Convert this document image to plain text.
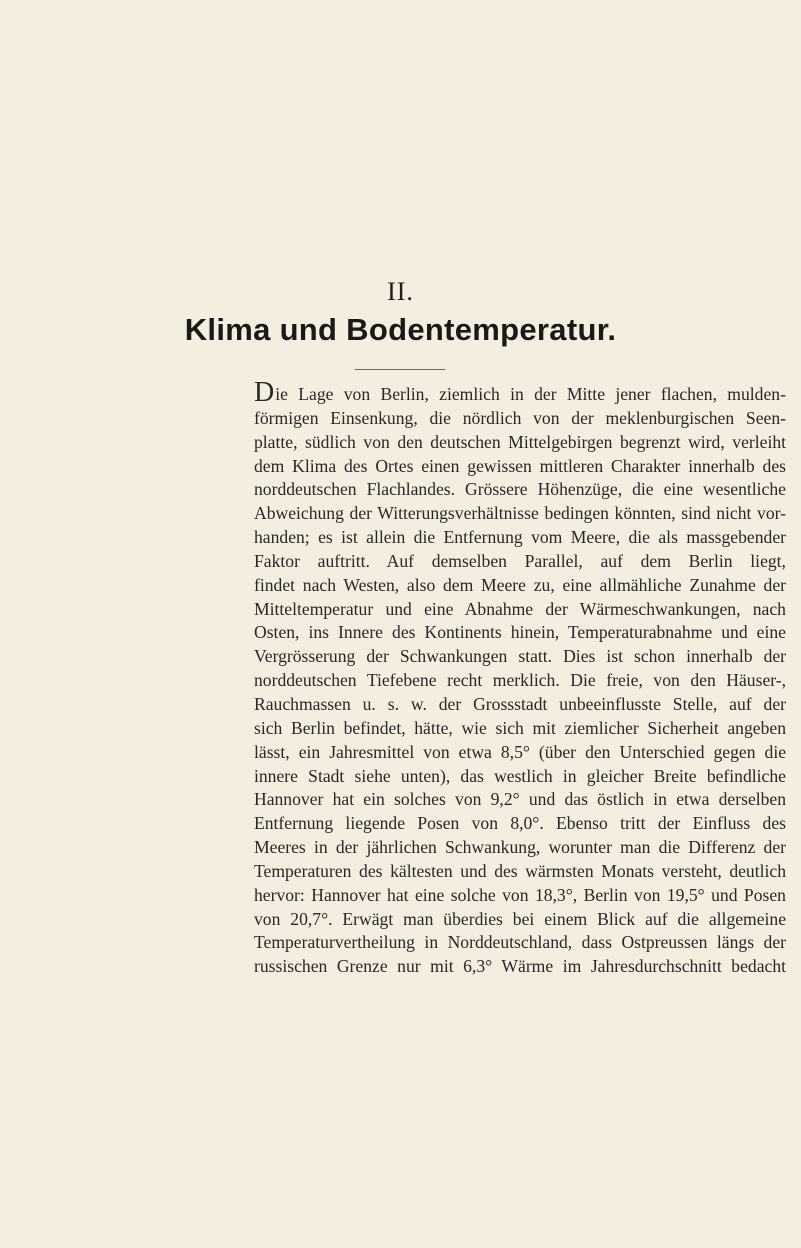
II.
Klima und Bodentemperatur.
Die Lage von Berlin, ziemlich in der Mitte jener flachen, mulden-
förmigen Einsenkung, die nördlich von der meklenburgischen Seen-
platte, südlich von den deutschen Mittelgebirgen begrenzt wird, verleiht
dem Klima des Ortes einen gewissen mittleren Charakter innerhalb des
norddeutschen Flachlandes. Grössere Höhenzüge, die eine wesentliche
Abweichung der Witterungsverhältnisse bedingen könnten, sind nicht vor-
handen; es ist allein die Entfernung vom Meere, die als massgebender
Faktor auftritt. Auf demselben Parallel, auf dem Berlin liegt,
findet nach Westen, also dem Meere zu, eine allmähliche Zunahme der
Mitteltemperatur und eine Abnahme der Wärmeschwankungen, nach
Osten, ins Innere des Kontinents hinein, Temperaturabnahme und eine
Vergrösserung der Schwankungen statt. Dies ist schon innerhalb der
norddeutschen Tiefebene recht merklich. Die freie, von den Häuser-,
Rauchmassen u. s. w. der Grossstadt unbeeinflusste Stelle, auf der
sich Berlin befindet, hätte, wie sich mit ziemlicher Sicherheit angeben
lässt, ein Jahresmittel von etwa 8,5° (über den Unterschied gegen die
innere Stadt siehe unten), das westlich in gleicher Breite befindliche
Hannover hat ein solches von 9,2° und das östlich in etwa derselben
Entfernung liegende Posen von 8,0°. Ebenso tritt der Einfluss des
Meeres in der jährlichen Schwankung, worunter man die Differenz der
Temperaturen des kältesten und des wärmsten Monats versteht, deutlich
hervor: Hannover hat eine solche von 18,3°, Berlin von 19,5° und Posen
von 20,7°. Erwägt man überdies bei einem Blick auf die allgemeine
Temperaturvertheilung in Norddeutschland, dass Ostpreussen längs der
russischen Grenze nur mit 6,3° Wärme im Jahresdurchschnitt bedacht
